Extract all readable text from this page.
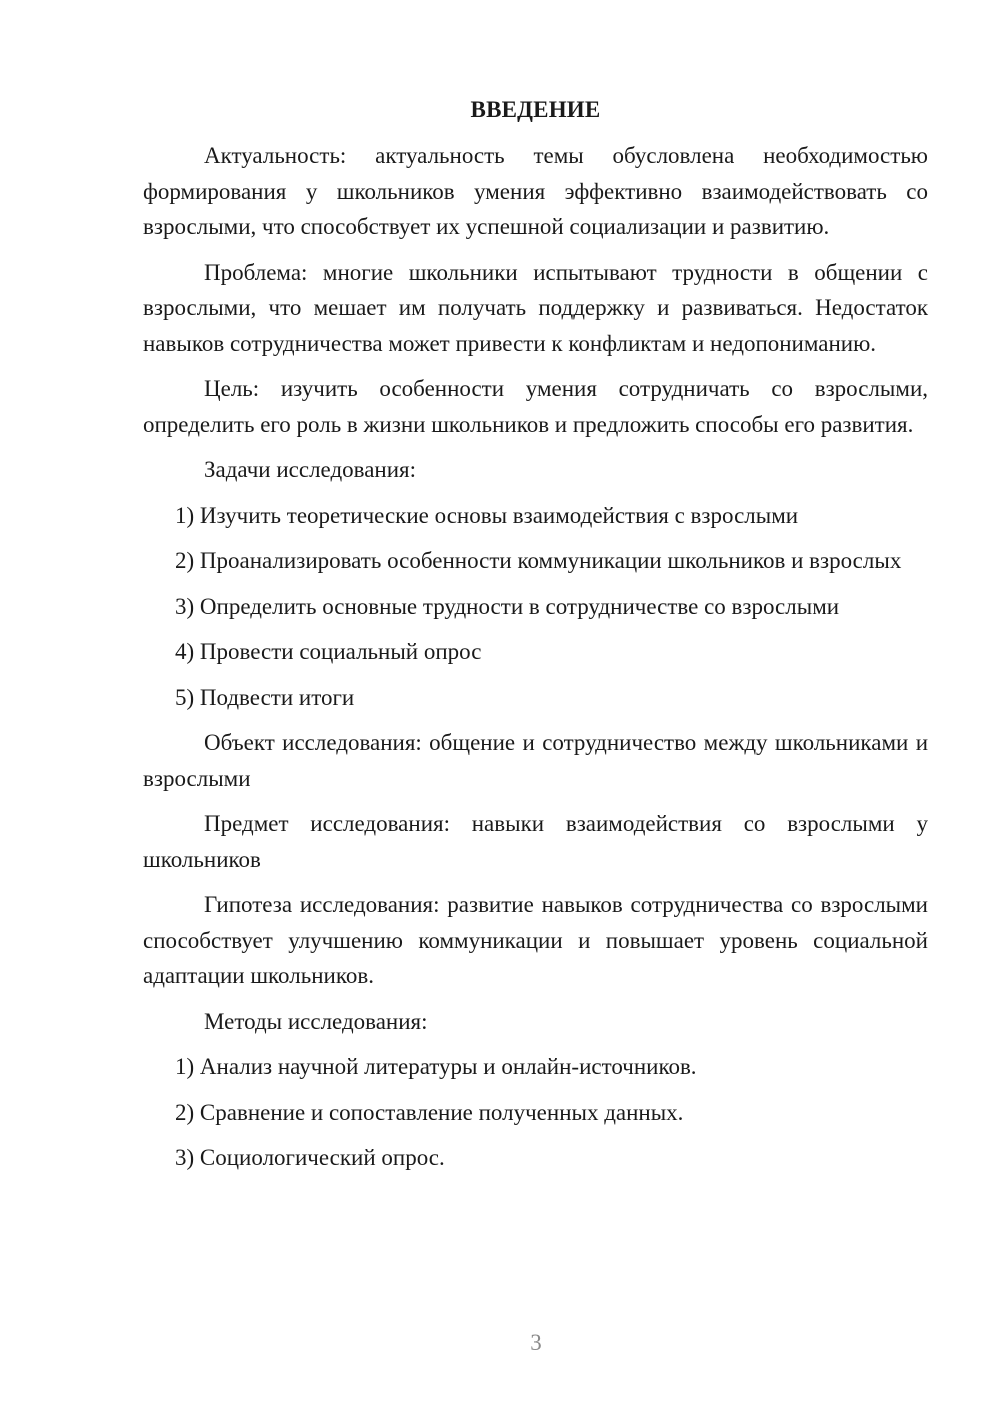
ВВЕДЕНИЕ

Актуальность: актуальность темы обусловлена необходимостью формирования у школьников умения эффективно взаимодействовать со взрослыми, что способствует их успешной социализации и развитию.

Проблема: многие школьники испытывают трудности в общении с взрослыми, что мешает им получать поддержку и развиваться. Недостаток навыков сотрудничества может привести к конфликтам и недопониманию.

Цель: изучить особенности умения сотрудничать со взрослыми, определить его роль в жизни школьников и предложить способы его развития.

Задачи исследования:

1) Изучить теоретические основы взаимодействия с взрослыми

2) Проанализировать особенности коммуникации школьников и взрослых

3) Определить основные трудности в сотрудничестве со взрослыми

4) Провести социальный опрос

5) Подвести итоги

Объект исследования: общение и сотрудничество между школьниками и взрослыми

Предмет исследования: навыки взаимодействия со взрослыми у школьников

Гипотеза исследования: развитие навыков сотрудничества со взрослыми способствует улучшению коммуникации и повышает уровень социальной адаптации школьников.

Методы исследования:

1) Анализ научной литературы и онлайн-источников.

2) Сравнение и сопоставление полученных данных.

3) Социологический опрос.

3
